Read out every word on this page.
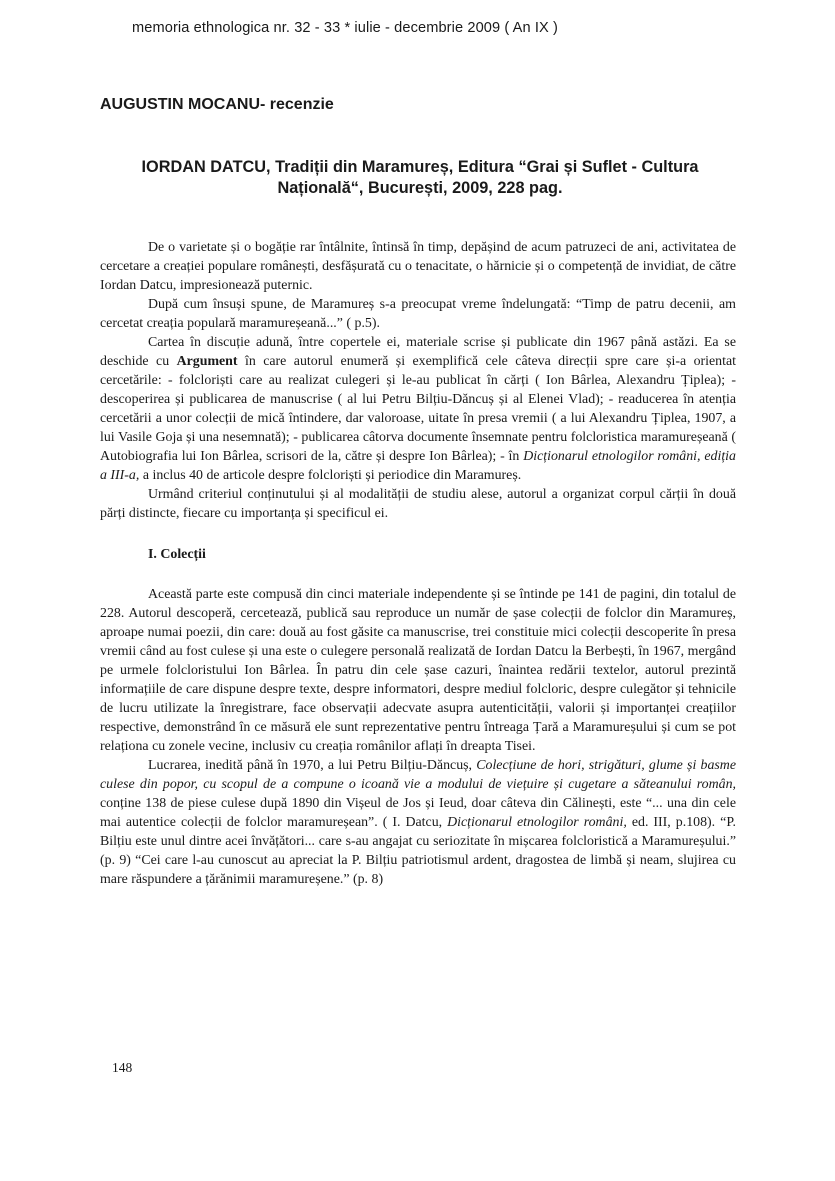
memoria ethnologica nr. 32 - 33 * iulie - decembrie 2009 ( An IX )
AUGUSTIN MOCANU- recenzie
IORDAN DATCU, Tradiții din Maramureș, Editura “Grai și Suflet - Cultura
Națională“, București, 2009, 228 pag.

De o varietate și o bogăție rar întâlnite, întinsă în timp, depășind de acum patruzeci de ani, activitatea de cercetare a creației populare românești, desfășurată cu o tenacitate, o hărnicie și o competență de invidiat, de către Iordan Datcu, impresionează puternic.

După cum însuși spune, de Maramureș s-a preocupat vreme îndelungată: “Timp de patru decenii, am cercetat creația populară maramureșeană...” ( p.5).

Cartea în discuție adună, între copertele ei, materiale scrise și publicate din 1967 până astăzi. Ea se deschide cu Argument în care autorul enumeră și exemplifică cele câteva direcții spre care și-a orientat cercetările: - folcloriști care au realizat culegeri și le-au publicat în cărți ( Ion Bârlea, Alexandru Țiplea); - descoperirea și publicarea de manuscrise ( al lui Petru Bilțiu-Dăncuș și al Elenei Vlad); - readucerea în atenția cercetării a unor colecții de mică întindere, dar valoroase, uitate în presa vremii ( a lui Alexandru Țiplea, 1907, a lui Vasile Goja și una nesemnată); - publicarea câtorva documente însemnate pentru folcloristica maramureșeană ( Autobiografia lui Ion Bârlea, scrisori de la, către și despre Ion Bârlea); - în Dicționarul etnologilor români, ediția a III-a, a inclus 40 de articole despre folcloriști și periodice din Maramureș.

Urmând criteriul conținutului și al modalității de studiu alese, autorul a organizat corpul cărții în două părți distincte, fiecare cu importanța și specificul ei.

I. Colecții

Această parte este compusă din cinci materiale independente și se întinde pe 141 de pagini, din totalul de 228. Autorul descoperă, cercetează, publică sau reproduce un număr de șase colecții de folclor din Maramureș, aproape numai poezii, din care: două au fost găsite ca manuscrise, trei constituie mici colecții descoperite în presa vremii când au fost culese și una este o culegere personală realizată de Iordan Datcu la Berbești, în 1967, mergând pe urmele folcloristului Ion Bârlea. În patru din cele șase cazuri, înaintea redării textelor, autorul prezintă informațiile de care dispune despre texte, despre informatori, despre mediul folcloric, despre culegător și tehnicile de lucru utilizate la înregistrare, face observații adecvate asupra autenticității, valorii și importanței creațiilor respective, demonstrând în ce măsură ele sunt reprezentative pentru întreaga Țară a Maramureșului și cum se pot relaționa cu zonele vecine, inclusiv cu creația românilor aflați în dreapta Tisei.

Lucrarea, inedită până în 1970, a lui Petru Bilțiu-Dăncuș, Colecțiune de hori, strigături, glume și basme culese din popor, cu scopul de a compune o icoană vie a modului de viețuire și cugetare a săteanului român, conține 138 de piese culese după 1890 din Vișeul de Jos și Ieud, doar câteva din Călinești, este “... una din cele mai autentice colecții de folclor maramureșean”. ( I. Datcu, Dicționarul etnologilor români, ed. III, p.108). “P. Bilțiu este unul dintre acei învățători... care s-au angajat cu seriozitate în mișcarea folcloristică a Maramureșului.” (p. 9) “Cei care l-au cunoscut au apreciat la P. Bilțiu patriotismul ardent, dragostea de limbă și neam, slujirea cu mare răspundere a țărănimii maramureșene.” (p. 8)

148
